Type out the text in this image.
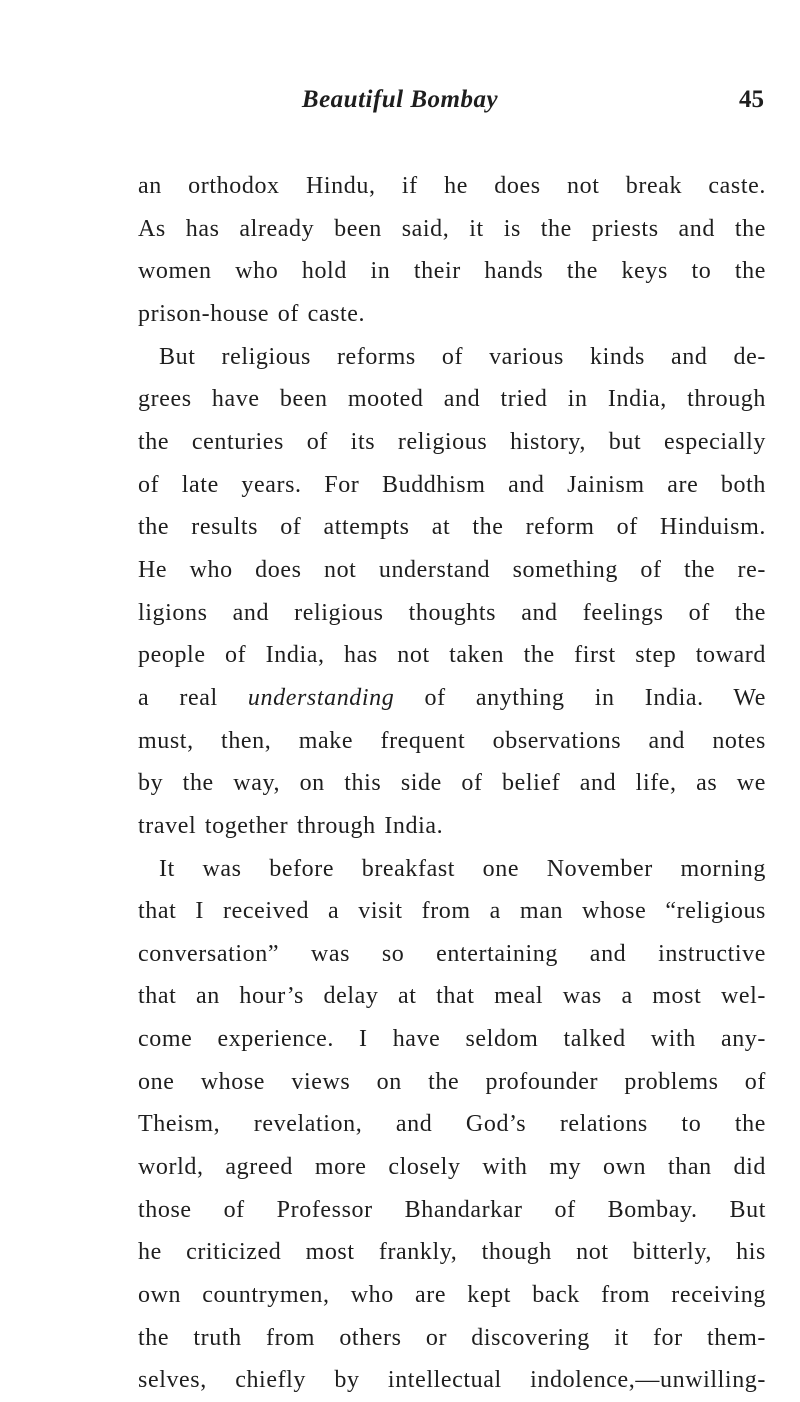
Beautiful Bombay	45
an orthodox Hindu, if he does not break caste.
As has already been said, it is the priests and the
women who hold in their hands the keys to the
prison-house of caste.
But religious reforms of various kinds and de-
grees have been mooted and tried in India, through
the centuries of its religious history, but especially
of late years. For Buddhism and Jainism are both
the results of attempts at the reform of Hinduism.
He who does not understand something of the re-
ligions and religious thoughts and feelings of the
people of India, has not taken the first step toward
a real understanding of anything in India. We
must, then, make frequent observations and notes
by the way, on this side of belief and life, as we
travel together through India.
It was before breakfast one November morning
that I received a visit from a man whose “religious
conversation” was so entertaining and instructive
that an hour’s delay at that meal was a most wel-
come experience. I have seldom talked with any-
one whose views on the profounder problems of
Theism, revelation, and God’s relations to the
world, agreed more closely with my own than did
those of Professor Bhandarkar of Bombay. But
he criticized most frankly, though not bitterly, his
own countrymen, who are kept back from receiving
the truth from others or discovering it for them-
selves, chiefly by intellectual indolence,—unwilling-
